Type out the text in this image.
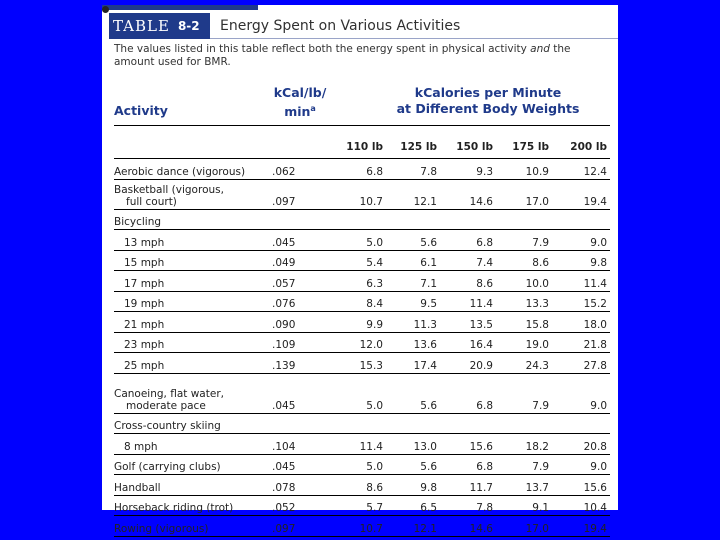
TABLE 8-2 Energy Spent on Various Activities
The values listed in this table reflect both the energy spent in physical activity and the amount used for BMR.
Activity
kCal/lb/
$\min^a$
kCalories per Minute
at Different Body Weights
		110 lb	125 lb	150 lb	175 lb	200 lb
Aerobic dance (vigorous)	.062	6.8	7.8	9.3	10.9	12.4

Basketball (vigorous,
full court)	.097	10.7	12.1	14.6	17.0	19.4
Bicycling						
13 mph	.045	5.0	5.6	6.8	7.9	9.0
15 mph	.049	5.4	6.1	7.4	8.6	9.8
17 mph	.057	6.3	7.1	8.6	10.0	11.4
19 mph	.076	8.4	9.5	11.4	13.3	15.2
21 mph	.090	9.9	11.3	13.5	15.8	18.0
23 mph	.109	12.0	13.6	16.4	19.0	21.8
25 mph	.139	15.3	17.4	20.9	24.3	27.8

Canoeing, flat water,
moderate pace	.045	5.0	5.6	6.8	7.9	9.0
Cross-country skiing						
8 mph	.104	11.4	13.0	15.6	18.2	20.8
Golf (carrying clubs)	.045	5.0	5.6	6.8	7.9	9.0
Handball	.078	8.6	9.8	11.7	13.7	15.6
Horseback riding (trot)	.052	5.7	6.5	7.8	9.1	10.4
Rowing (vigorous)	.097	10.7	12.1	14.6	17.0	19.4
